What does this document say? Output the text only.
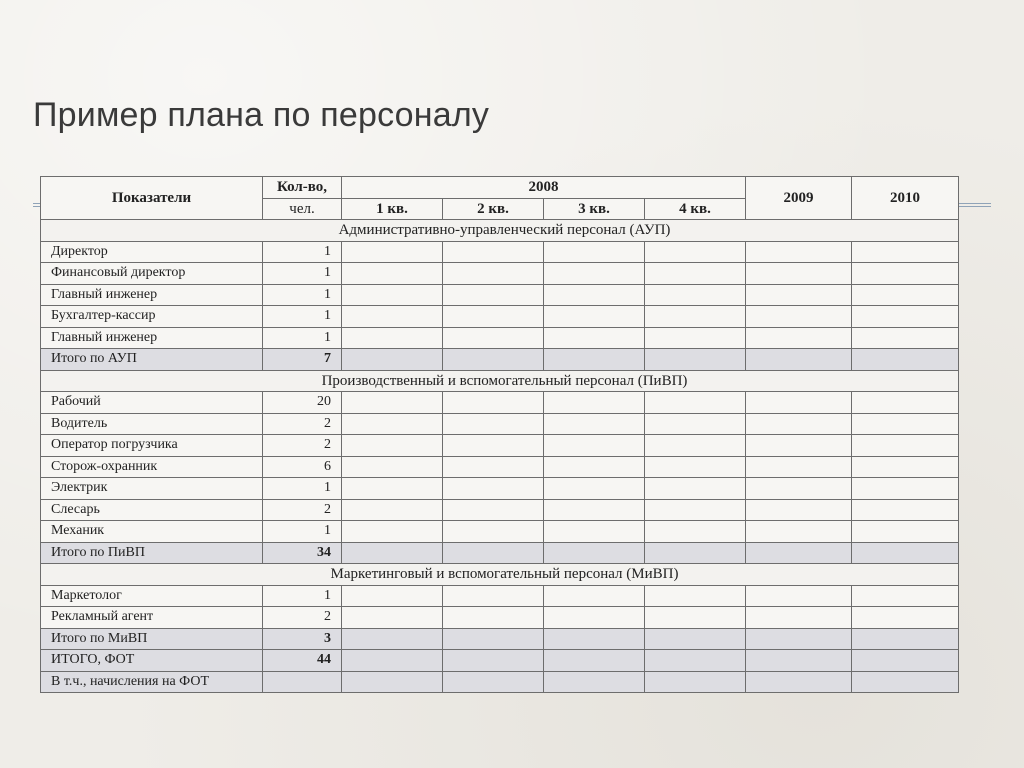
Пример плана по персоналу
Показатели	Кол-во,	2008				2009	2010
	чел.	1 кв.	2 кв.	3 кв.	4 кв.		
Административно-управленческий персонал (АУП)							
Директор	1						
Финансовый директор	1						
Главный инженер	1						
Бухгалтер-кассир	1						
Главный инженер	1						
Итого по АУП	7						
Производственный и вспомогательный персонал (ПиВП)							
Рабочий	20						
Водитель	2						
Оператор погрузчика	2						
Сторож-охранник	6						
Электрик	1						
Слесарь	2						
Механик	1						
Итого по ПиВП	34						
Маркетинговый и вспомогательный персонал (МиВП)							
Маркетолог	1						
Рекламный агент	2						
Итого по МиВП	3						
ИТОГО, ФОТ	44						
В т.ч., начисления на ФОТ							
